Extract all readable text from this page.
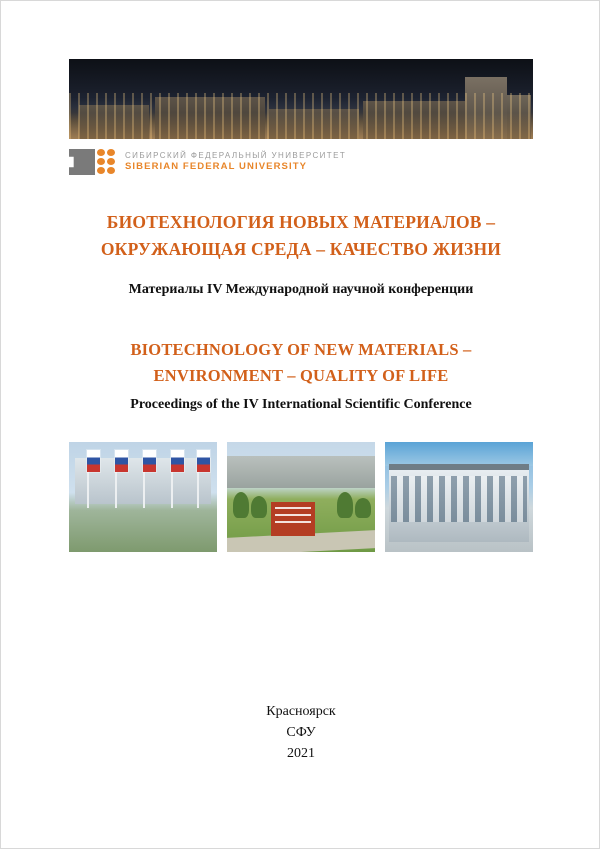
СИБИРСКИЙ ФЕДЕРАЛЬНЫЙ УНИВЕРСИТЕТ
SIBERIAN FEDERAL UNIVERSITY
БИОТЕХНОЛОГИЯ НОВЫХ МАТЕРИАЛОВ –
ОКРУЖАЮЩАЯ СРЕДА – КАЧЕСТВО ЖИЗНИ
Материалы IV Международной научной конференции
BIOTECHNOLOGY OF NEW MATERIALS –
ENVIRONMENT – QUALITY OF LIFE
Proceedings of the IV International Scientific Conference
Красноярск
СФУ
2021
